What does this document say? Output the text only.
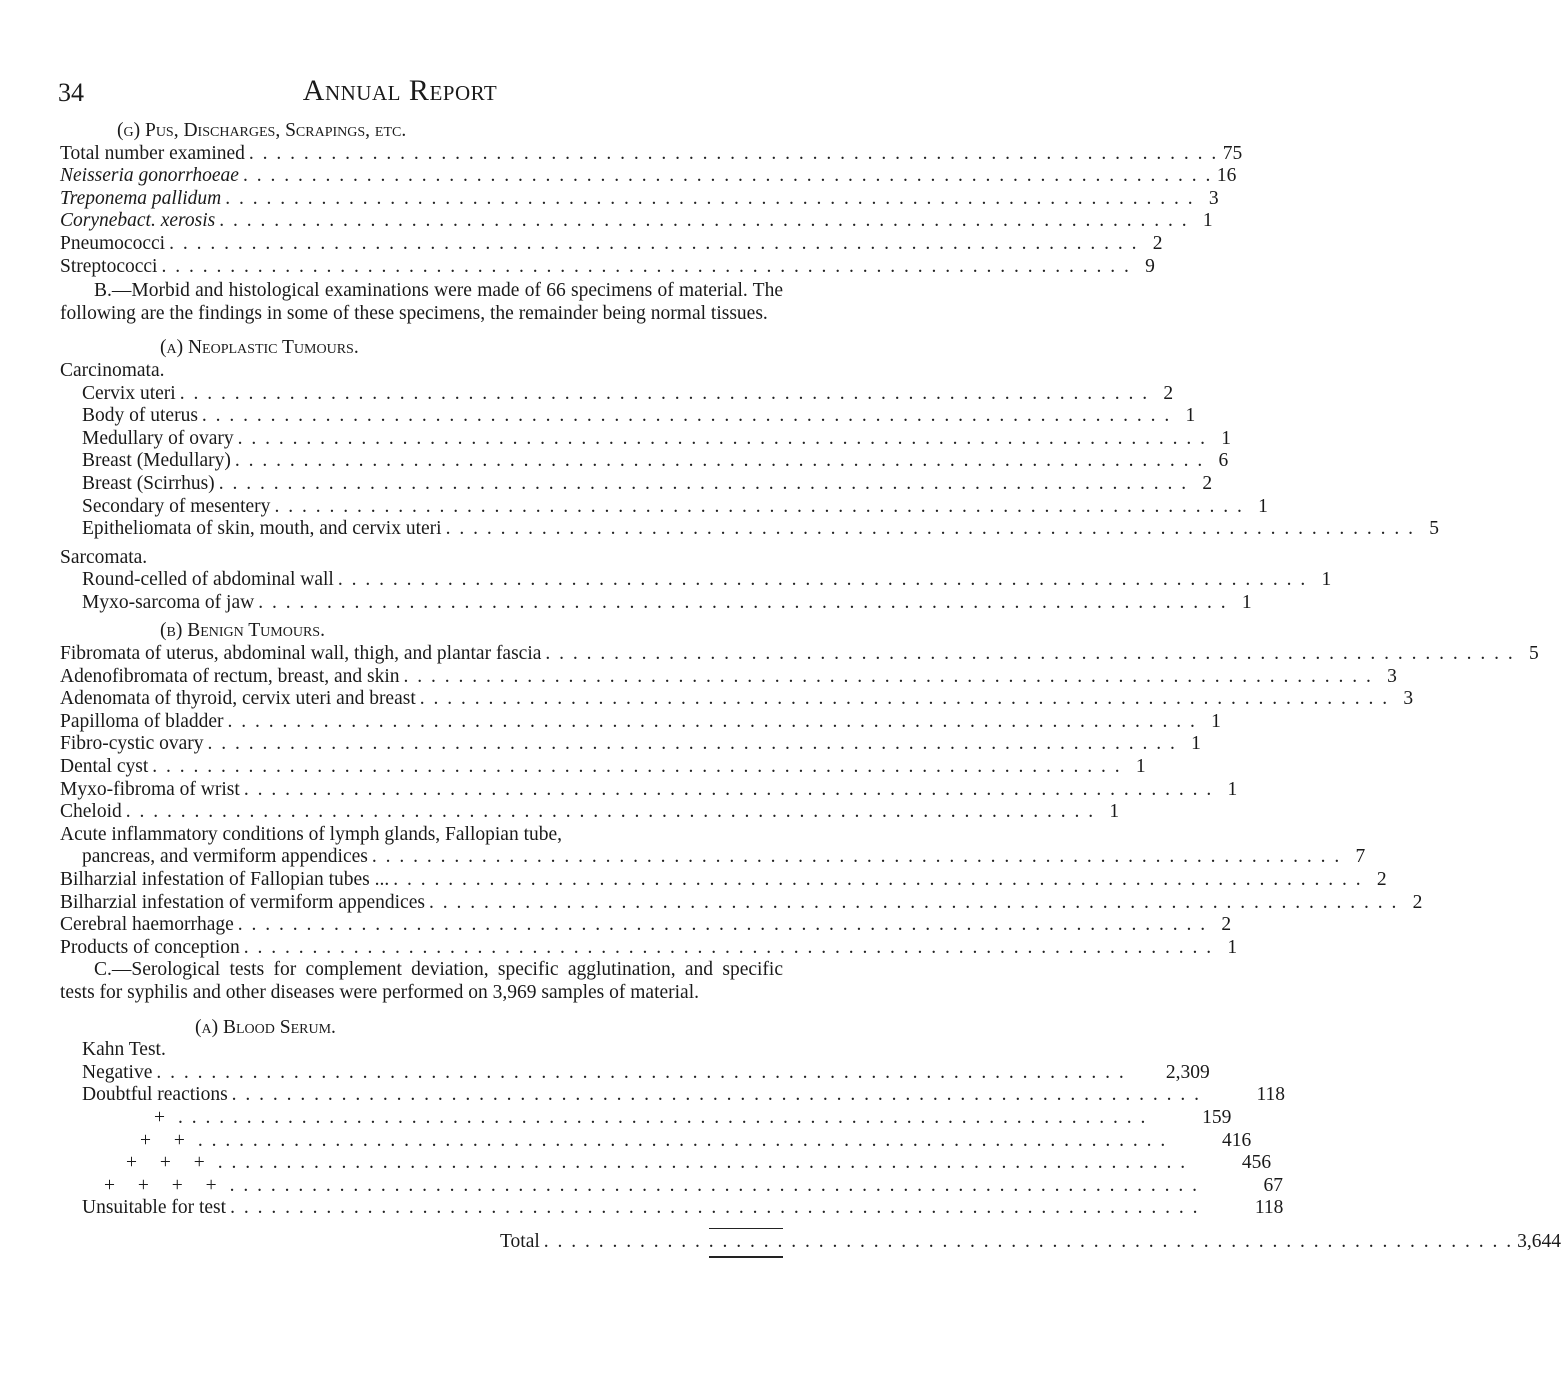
34	Annual Report
(g) Pus, Discharges, Scrapings, etc.
Total number examined . . . . . . . . . . . . . . . . . . . . . . . . . . . . . . . . . . . . . . . . . . . . . . . . . . . . . . . . . . . . . . . . . . . . . . . 75
Neisseria gonorrhoeae . . . . . . . . . . . . . . . . . . . . . . . . . . . . . . . . . . . . . . . . . . . . . . . . . . . . . . . . . . . . . . . . . . . . . . . 16
Treponema pallidum . . . . . . . . . . . . . . . . . . . . . . . . . . . . . . . . . . . . . . . . . . . . . . . . . . . . . . . . . . . . . . . . . . . . . . . 3
Corynebact. xerosis . . . . . . . . . . . . . . . . . . . . . . . . . . . . . . . . . . . . . . . . . . . . . . . . . . . . . . . . . . . . . . . . . . . . . . . 1
Pneumococci . . . . . . . . . . . . . . . . . . . . . . . . . . . . . . . . . . . . . . . . . . . . . . . . . . . . . . . . . . . . . . . . . . . . . . . 2
Streptococci . . . . . . . . . . . . . . . . . . . . . . . . . . . . . . . . . . . . . . . . . . . . . . . . . . . . . . . . . . . . . . . . . . . . . . . 9
B.—Morbid and histological examinations were made of 66 specimens of material. The following are the findings in some of these specimens, the remainder being normal tissues.
(a) Neoplastic Tumours.
Carcinomata.
Cervix uteri . . . . . . . . . . . . . . . . . . . . . . . . . . . . . . . . . . . . . . . . . . . . . . . . . . . . . . . . . . . . . . . . . . . . . . . 2
Body of uterus . . . . . . . . . . . . . . . . . . . . . . . . . . . . . . . . . . . . . . . . . . . . . . . . . . . . . . . . . . . . . . . . . . . . . . . 1
Medullary of ovary . . . . . . . . . . . . . . . . . . . . . . . . . . . . . . . . . . . . . . . . . . . . . . . . . . . . . . . . . . . . . . . . . . . . . . . 1
Breast (Medullary) . . . . . . . . . . . . . . . . . . . . . . . . . . . . . . . . . . . . . . . . . . . . . . . . . . . . . . . . . . . . . . . . . . . . . . . 6
Breast (Scirrhus) . . . . . . . . . . . . . . . . . . . . . . . . . . . . . . . . . . . . . . . . . . . . . . . . . . . . . . . . . . . . . . . . . . . . . . . 2
Secondary of mesentery . . . . . . . . . . . . . . . . . . . . . . . . . . . . . . . . . . . . . . . . . . . . . . . . . . . . . . . . . . . . . . . . . . . . . . . 1
Epitheliomata of skin, mouth, and cervix uteri . . . . . . . . . . . . . . . . . . . . . . . . . . . . . . . . . . . . . . . . . . . . . . . . . . . . . . . . . . . . . . . . . . . . . . . 5
Sarcomata.
Round-celled of abdominal wall . . . . . . . . . . . . . . . . . . . . . . . . . . . . . . . . . . . . . . . . . . . . . . . . . . . . . . . . . . . . . . . . . . . . . . . 1
Myxo-sarcoma of jaw . . . . . . . . . . . . . . . . . . . . . . . . . . . . . . . . . . . . . . . . . . . . . . . . . . . . . . . . . . . . . . . . . . . . . . . 1
(b) Benign Tumours.
Fibromata of uterus, abdominal wall, thigh, and plantar fascia . . . . . . . . . . . . . . . . . . . . . . . . . . . . . . . . . . . . . . . . . . . . . . . . . . . . . . . . . . . . . . . . . . . . . . . 5
Adenofibromata of rectum, breast, and skin . . . . . . . . . . . . . . . . . . . . . . . . . . . . . . . . . . . . . . . . . . . . . . . . . . . . . . . . . . . . . . . . . . . . . . . 3
Adenomata of thyroid, cervix uteri and breast . . . . . . . . . . . . . . . . . . . . . . . . . . . . . . . . . . . . . . . . . . . . . . . . . . . . . . . . . . . . . . . . . . . . . . . 3
Papilloma of bladder . . . . . . . . . . . . . . . . . . . . . . . . . . . . . . . . . . . . . . . . . . . . . . . . . . . . . . . . . . . . . . . . . . . . . . . 1
Fibro-cystic ovary . . . . . . . . . . . . . . . . . . . . . . . . . . . . . . . . . . . . . . . . . . . . . . . . . . . . . . . . . . . . . . . . . . . . . . . 1
Dental cyst . . . . . . . . . . . . . . . . . . . . . . . . . . . . . . . . . . . . . . . . . . . . . . . . . . . . . . . . . . . . . . . . . . . . . . . 1
Myxo-fibroma of wrist . . . . . . . . . . . . . . . . . . . . . . . . . . . . . . . . . . . . . . . . . . . . . . . . . . . . . . . . . . . . . . . . . . . . . . . 1
Cheloid . . . . . . . . . . . . . . . . . . . . . . . . . . . . . . . . . . . . . . . . . . . . . . . . . . . . . . . . . . . . . . . . . . . . . . . 1
Acute inflammatory conditions of lymph glands, Fallopian tube,
pancreas, and vermiform appendices . . . . . . . . . . . . . . . . . . . . . . . . . . . . . . . . . . . . . . . . . . . . . . . . . . . . . . . . . . . . . . . . . . . . . . . 7
Bilharzial infestation of Fallopian tubes ... . . . . . . . . . . . . . . . . . . . . . . . . . . . . . . . . . . . . . . . . . . . . . . . . . . . . . . . . . . . . . . . . . . . . . . . 2
Bilharzial infestation of vermiform appendices . . . . . . . . . . . . . . . . . . . . . . . . . . . . . . . . . . . . . . . . . . . . . . . . . . . . . . . . . . . . . . . . . . . . . . . 2
Cerebral haemorrhage . . . . . . . . . . . . . . . . . . . . . . . . . . . . . . . . . . . . . . . . . . . . . . . . . . . . . . . . . . . . . . . . . . . . . . . 2
Products of conception . . . . . . . . . . . . . . . . . . . . . . . . . . . . . . . . . . . . . . . . . . . . . . . . . . . . . . . . . . . . . . . . . . . . . . . 1
C.—Serological tests for complement deviation, specific agglutination, and specific tests for syphilis and other diseases were performed on 3,969 samples of material.
(a) Blood Serum.
Kahn Test.
Negative . . . . . . . . . . . . . . . . . . . . . . . . . . . . . . . . . . . . . . . . . . . . . . . . . . . . . . . . . . . . . . . . . . . . . . .	2,309
Doubtful reactions . . . . . . . . . . . . . . . . . . . . . . . . . . . . . . . . . . . . . . . . . . . . . . . . . . . . . . . . . . . . . . . . . . . . . . .	118
+ . . . . . . . . . . . . . . . . . . . . . . . . . . . . . . . . . . . . . . . . . . . . . . . . . . . . . . . . . . . . . . . . . . . . . . .	159
+ + . . . . . . . . . . . . . . . . . . . . . . . . . . . . . . . . . . . . . . . . . . . . . . . . . . . . . . . . . . . . . . . . . . . . . . .	416
+ + + . . . . . . . . . . . . . . . . . . . . . . . . . . . . . . . . . . . . . . . . . . . . . . . . . . . . . . . . . . . . . . . . . . . . . . .	456
+ + + + . . . . . . . . . . . . . . . . . . . . . . . . . . . . . . . . . . . . . . . . . . . . . . . . . . . . . . . . . . . . . . . . . . . . . . .	67
Unsuitable for test . . . . . . . . . . . . . . . . . . . . . . . . . . . . . . . . . . . . . . . . . . . . . . . . . . . . . . . . . . . . . . . . . . . . . . .	118
Total . . . . . . . . . . . . . . . . . . . . . . . . . . . . . . . . . . . . . . . . . . . . . . . . . . . . . . . . . . . . . . . . . . . . . . . 3,644
